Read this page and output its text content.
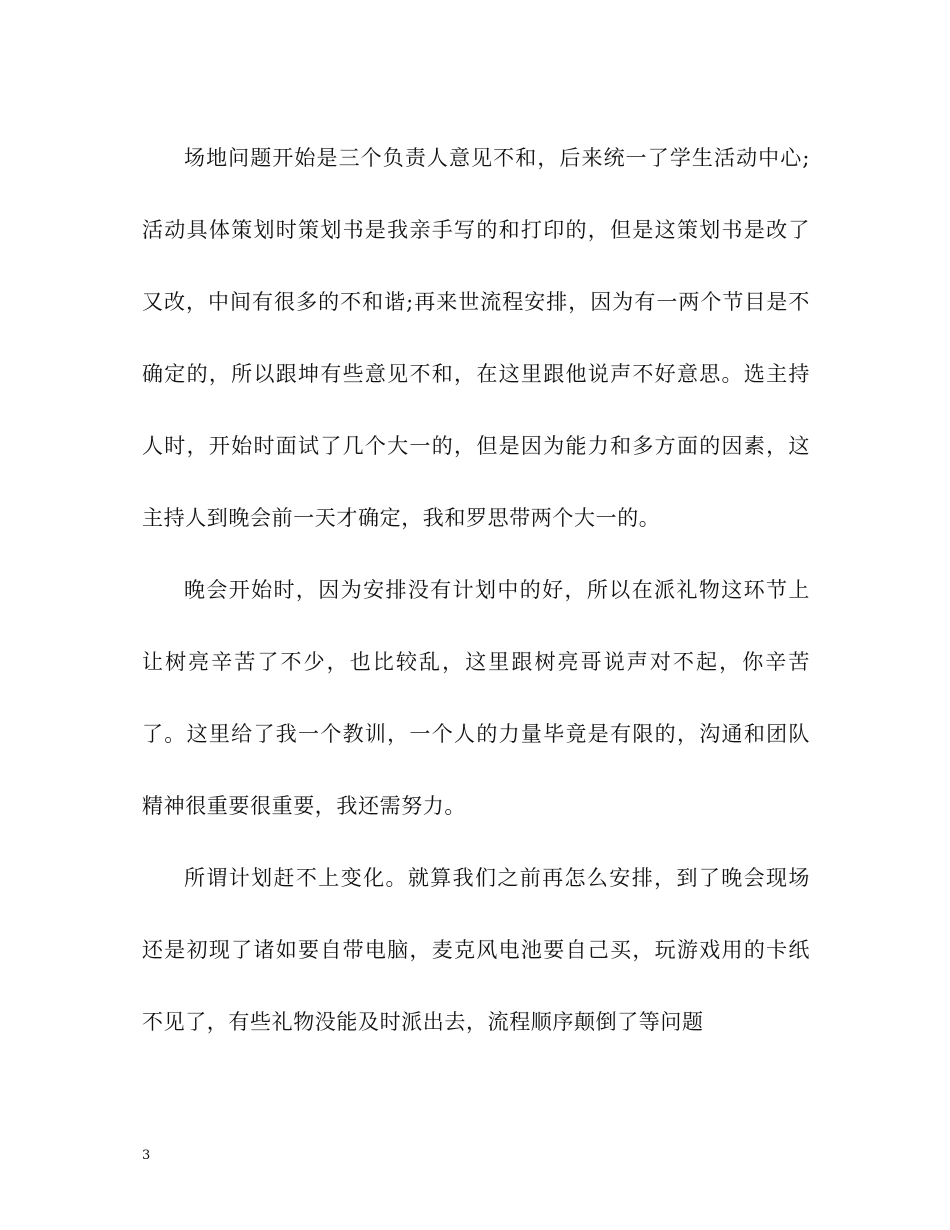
场地问题开始是三个负责人意见不和，后来统一了学生活动中心;活动具体策划时策划书是我亲手写的和打印的，但是这策划书是改了又改，中间有很多的不和谐;再来世流程安排，因为有一两个节目是不确定的，所以跟坤有些意见不和，在这里跟他说声不好意思。选主持人时，开始时面试了几个大一的，但是因为能力和多方面的因素，这主持人到晚会前一天才确定，我和罗思带两个大一的。

晚会开始时，因为安排没有计划中的好，所以在派礼物这环节上让树亮辛苦了不少，也比较乱，这里跟树亮哥说声对不起，你辛苦了。这里给了我一个教训，一个人的力量毕竟是有限的，沟通和团队精神很重要很重要，我还需努力。

所谓计划赶不上变化。就算我们之前再怎么安排，到了晚会现场还是初现了诸如要自带电脑，麦克风电池要自己买，玩游戏用的卡纸不见了，有些礼物没能及时派出去，流程顺序颠倒了等问题

3
